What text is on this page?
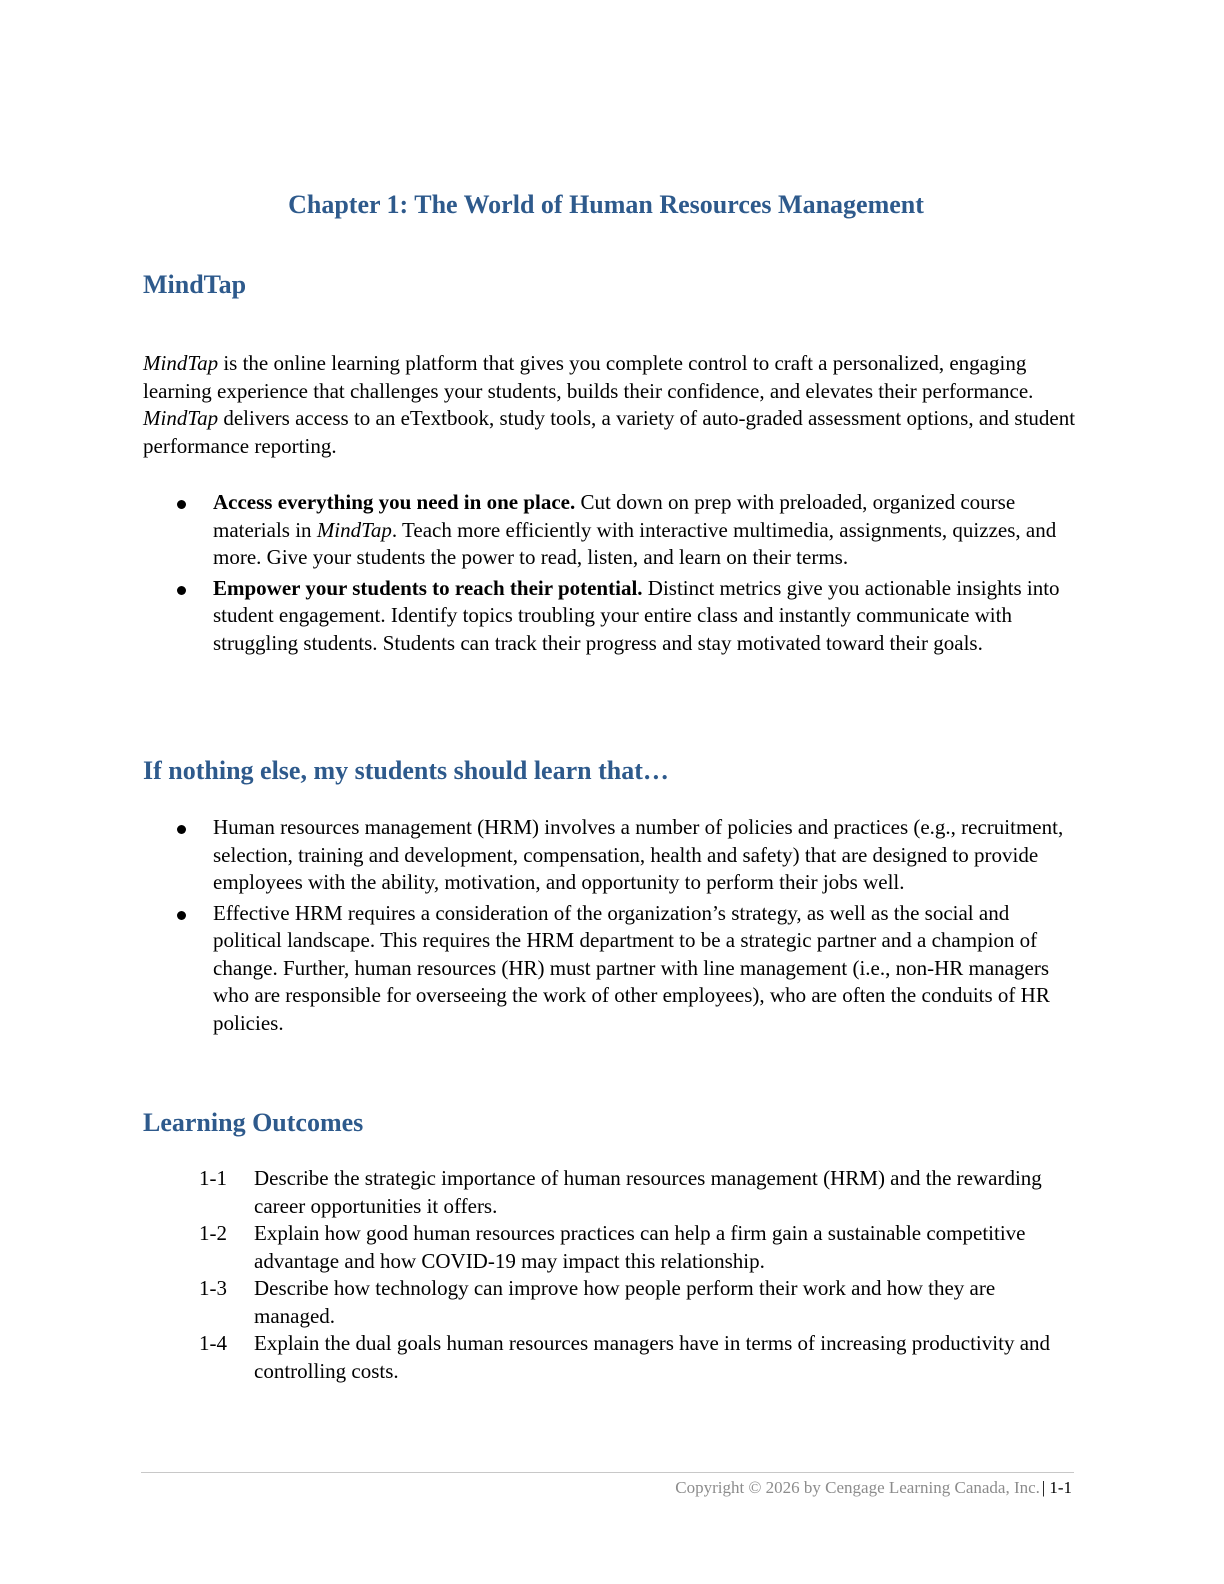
Chapter 1: The World of Human Resources Management
MindTap

MindTap is the online learning platform that gives you complete control to craft a personalized, engaging learning experience that challenges your students, builds their confidence, and elevates their performance. MindTap delivers access to an eTextbook, study tools, a variety of auto-graded assessment options, and student performance reporting.

Access everything you need in one place. Cut down on prep with preloaded, organized course materials in MindTap. Teach more efficiently with interactive multimedia, assignments, quizzes, and more. Give your students the power to read, listen, and learn on their terms.
Empower your students to reach their potential. Distinct metrics give you actionable insights into student engagement. Identify topics troubling your entire class and instantly communicate with struggling students. Students can track their progress and stay motivated toward their goals.
If nothing else, my students should learn that…
Human resources management (HRM) involves a number of policies and practices (e.g., recruitment, selection, training and development, compensation, health and safety) that are designed to provide employees with the ability, motivation, and opportunity to perform their jobs well.
Effective HRM requires a consideration of the organization’s strategy, as well as the social and political landscape. This requires the HRM department to be a strategic partner and a champion of change. Further, human resources (HR) must partner with line management (i.e., non-HR managers who are responsible for overseeing the work of other employees), who are often the conduits of HR policies.
Learning Outcomes
1-1 Describe the strategic importance of human resources management (HRM) and the rewarding career opportunities it offers.
1-2 Explain how good human resources practices can help a firm gain a sustainable competitive advantage and how COVID-19 may impact this relationship.
1-3 Describe how technology can improve how people perform their work and how they are managed.
1-4 Explain the dual goals human resources managers have in terms of increasing productivity and controlling costs.
Copyright © 2026 by Cengage Learning Canada, Inc. | 1-1
